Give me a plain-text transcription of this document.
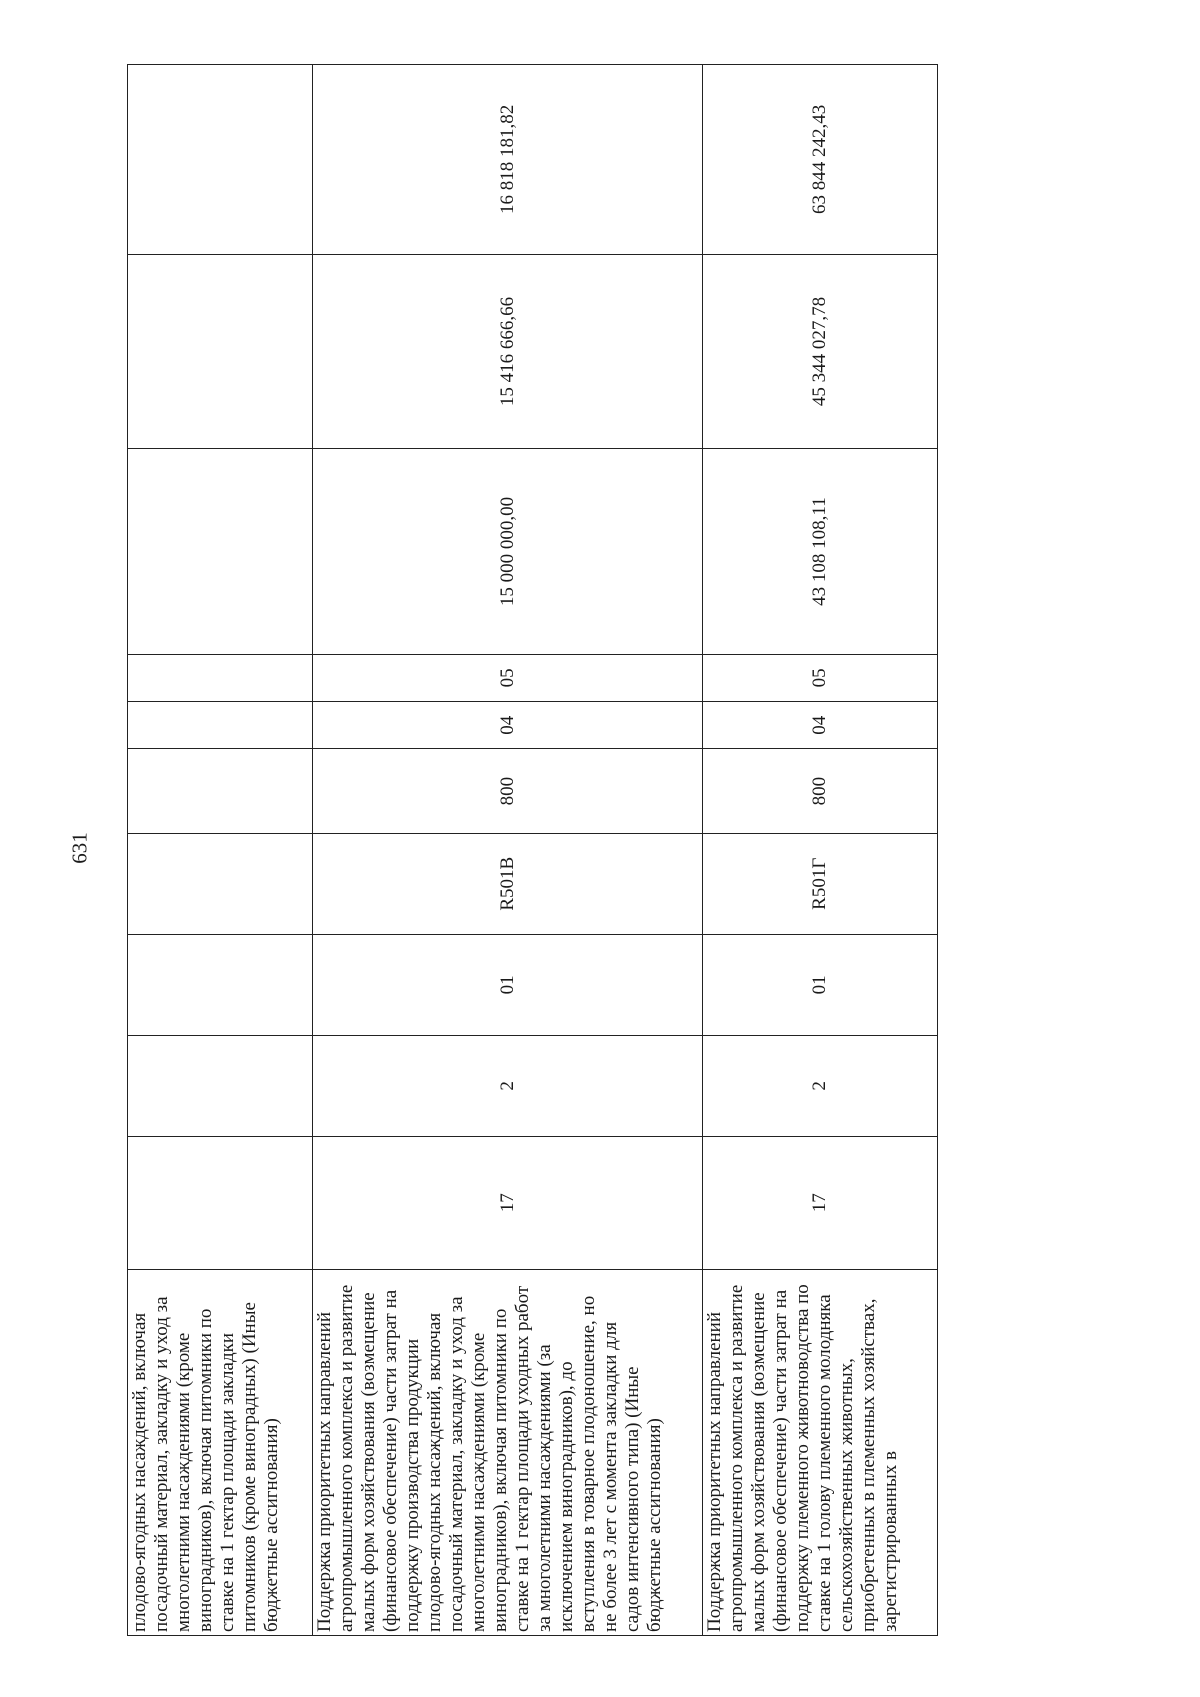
631
плодово-ягодных насаждений, включая посадочный материал, закладку и уход за многолетними насаждениями (кроме виноградников), включая питомники по ставке на 1 гектар площади закладки питомников (кроме виноградных) (Иные бюджетные ассигнования)										
Поддержка приоритетных направлений агропромышленного комплекса и развитие малых форм хозяйствования (возмещение (финансовое обеспечение) части затрат на поддержку производства продукции плодово-ягодных насаждений, включая посадочный материал, закладку и уход за многолетними насаждениями (кроме виноградников), включая питомники по ставке на 1 гектар площади уходных работ за многолетними насаждениями (за исключением виноградников), до вступления в товарное плодоношение, но не более 3 лет с момента закладки для садов интенсивного типа) (Иные бюджетные ассигнования)	17	2	01	R501В	800	04	05	15 000 000,00	15 416 666,66	16 818 181,82
Поддержка приоритетных направлений агропромышленного комплекса и развитие малых форм хозяйствования (возмещение (финансовое обеспечение) части затрат на поддержку племенного животноводства по ставке на 1 голову племенного молодняка сельскохозяйственных животных, приобретенных в племенных хозяйствах, зарегистрированных в	17	2	01	R501Г	800	04	05	43 108 108,11	45 344 027,78	63 844 242,43
